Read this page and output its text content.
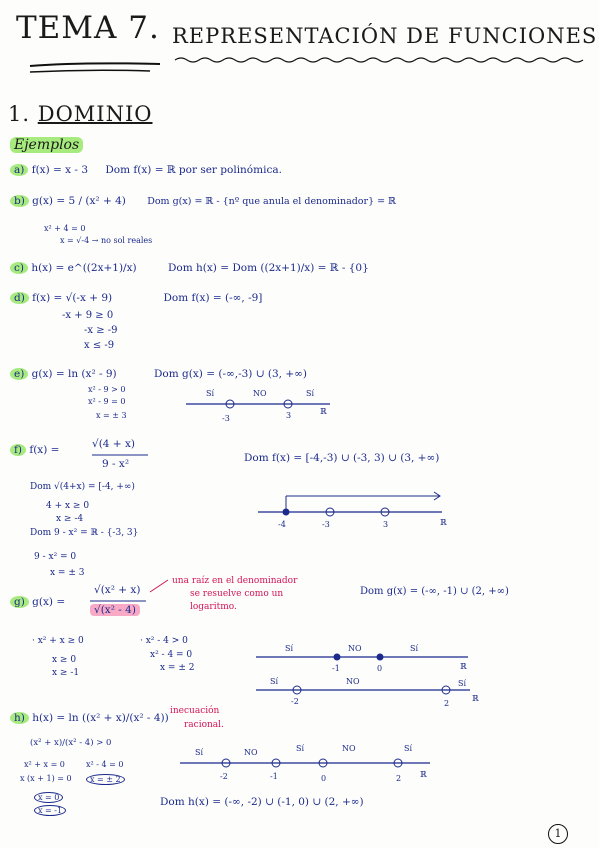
TEMA 7. REPRESENTACIÓN DE FUNCIONES
1. DOMINIO
Ejemplos
a) f(x) = x - 3 Dom f(x) = ℝ por ser polinómica.
b) g(x) = 5 / (x² + 4) Dom g(x) = ℝ - {nº que anula el denominador} = ℝ
x² + 4 = 0
x = √-4 → no sol reales
c) h(x) = e^((2x+1)/x)	Dom h(x) = Dom ((2x+1)/x) = ℝ - {0}
d) f(x) = √(-x + 9)	Dom f(x) = (-∞, -9]
-x + 9 ≥ 0
-x ≥ -9
x ≤ -9
e) g(x) = ln (x² - 9)	Dom g(x) = (-∞,-3) ∪ (3, +∞)
x² - 9 > 0
x² - 9 = 0
x = ± 3
Sí	NO	Sí
-3	3	ℝ
f) f(x) =	√(4 + x)
9 - x²	Dom f(x) = [-4,-3) ∪ (-3, 3) ∪ (3, +∞)
Dom √(4+x) = [-4, +∞)
4 + x ≥ 0
x ≥ -4
Dom 9 - x² = ℝ - {-3, 3}
9 - x² = 0
x = ± 3
-4	-3	3	ℝ
g) g(x) =
√(x² + x)
√(x² - 4)
una raíz en el denominador
se resuelve como un
logaritmo.
Dom g(x) = (-∞, -1) ∪ (2, +∞)
· x² + x ≥ 0
x ≥ 0
x ≥ -1
· x² - 4 > 0
x² - 4 = 0
x = ± 2
Sí	NO	Sí
-1	0	ℝ
Sí	NO	Sí
-2	2
ℝ
h) h(x) = ln ((x² + x)/(x² - 4))
inecuación
racional.
(x² + x)/(x² - 4) > 0
x² + x = 0	x² - 4 = 0
x (x + 1) = 0	x = ± 2
x = 0
x = -1
Sí	NO	Sí	NO	Sí
-2	-1	0	2 ℝ
Dom h(x) = (-∞, -2) ∪ (-1, 0) ∪ (2, +∞)
1
